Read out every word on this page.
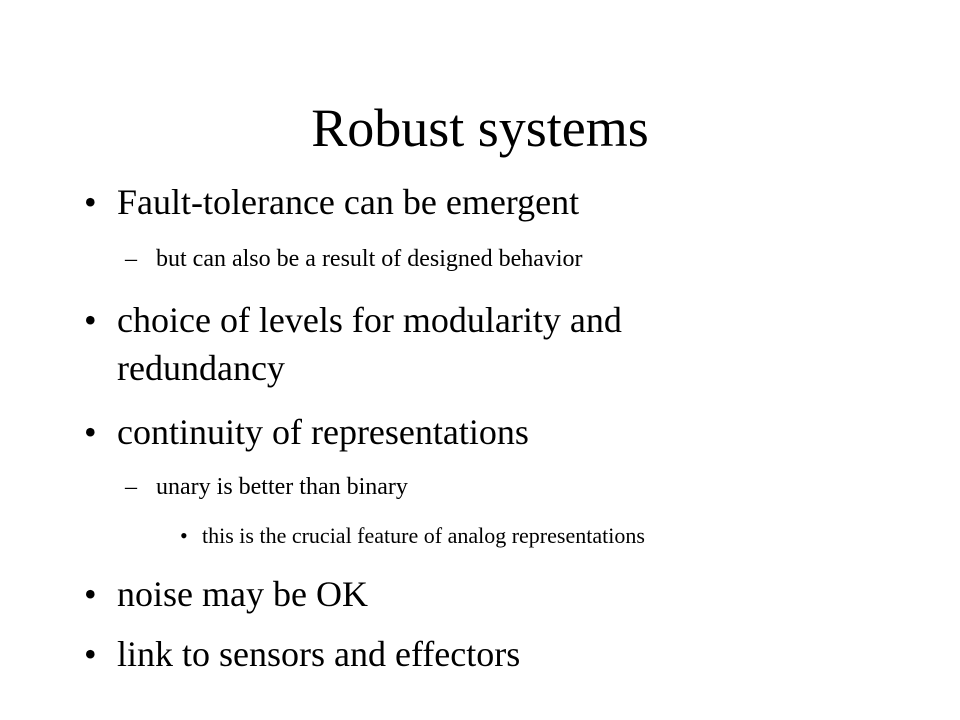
Robust systems
• Fault-tolerance can be emergent
– but can also be a result of designed behavior
• choice of levels for modularity and
redundancy
• continuity of representations
– unary is better than binary
• this is the crucial feature of analog representations
• noise may be OK
• link to sensors and effectors
